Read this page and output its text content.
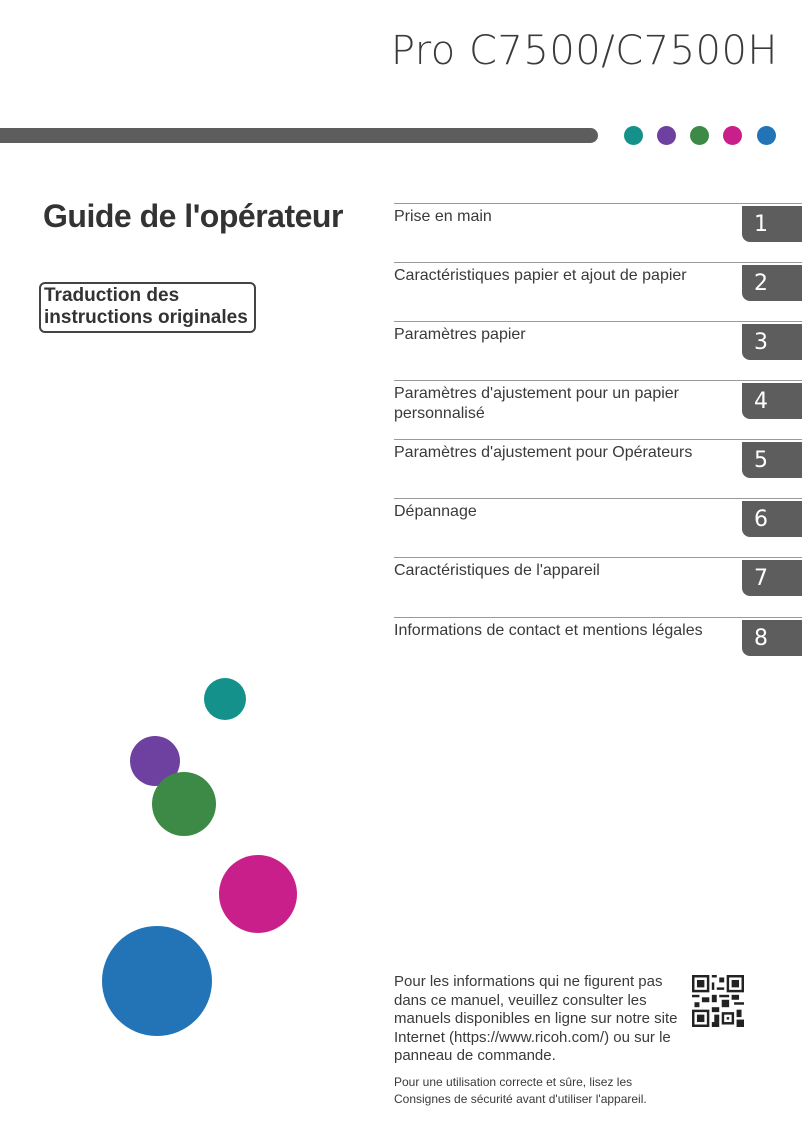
Pro C7500/C7500H
Guide de l'opérateur
Traduction des
instructions originales
Prise en main	1
Caractéristiques papier et ajout de papier	2
Paramètres papier	3
Paramètres d'ajustement pour un papier personnalisé	4
Paramètres d'ajustement pour Opérateurs	5
Dépannage	6
Caractéristiques de l'appareil	7
Informations de contact et mentions légales	8
Pour les informations qui ne figurent pas dans ce manuel, veuillez consulter les manuels disponibles en ligne sur notre site Internet (https://www.ricoh.com/) ou sur le panneau de commande.
Pour une utilisation correcte et sûre, lisez les Consignes de sécurité avant d'utiliser l'appareil.
